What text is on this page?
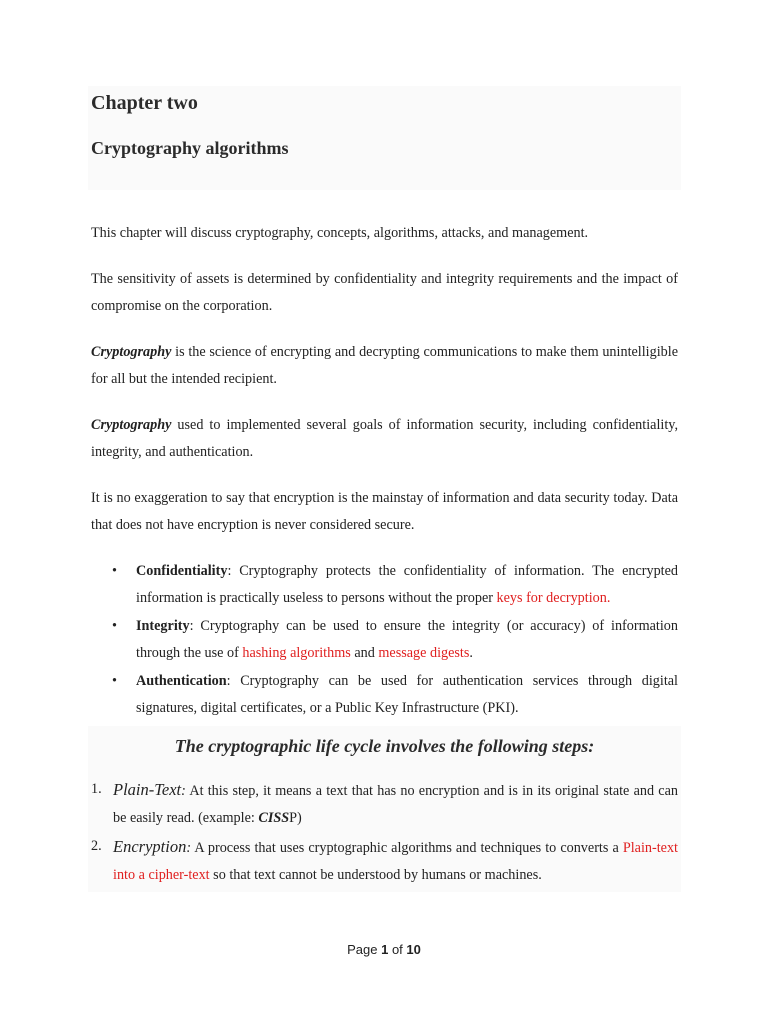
Chapter two
Cryptography algorithms

This chapter will discuss cryptography, concepts, algorithms, attacks, and management.

The sensitivity of assets is determined by confidentiality and integrity requirements and the impact of compromise on the corporation.

Cryptography is the science of encrypting and decrypting communications to make them unintelligible for all but the intended recipient.

Cryptography used to implemented several goals of information security, including confidentiality, integrity, and authentication.

It is no exaggeration to say that encryption is the mainstay of information and data security today. Data that does not have encryption is never considered secure.

• Confidentiality: Cryptography protects the confidentiality of information. The encrypted information is practically useless to persons without the proper keys for decryption.
• Integrity: Cryptography can be used to ensure the integrity (or accuracy) of information through the use of hashing algorithms and message digests.
• Authentication: Cryptography can be used for authentication services through digital signatures, digital certificates, or a Public Key Infrastructure (PKI).

The cryptographic life cycle involves the following steps:

1. Plain-Text: At this step, it means a text that has no encryption and is in its original state and can be easily read. (example: CISSP)
2. Encryption: A process that uses cryptographic algorithms and techniques to converts a Plain-text into a cipher-text so that text cannot be understood by humans or machines.
Page 1 of 10
